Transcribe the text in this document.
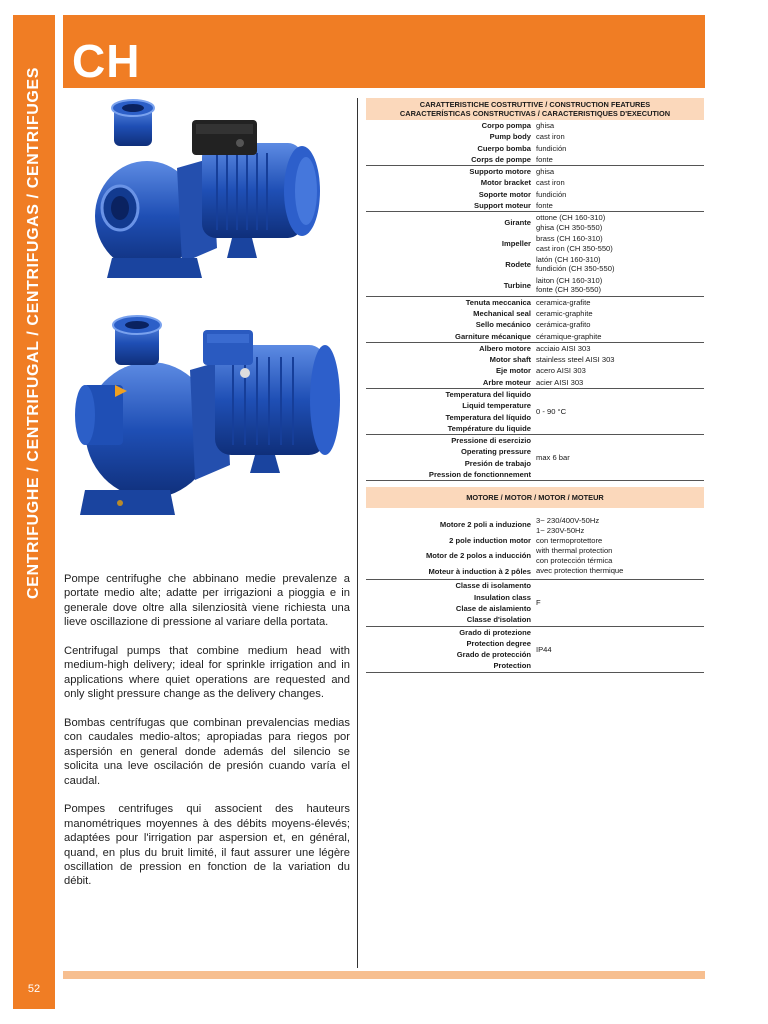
CENTRIFUGHE / CENTRIFUGAL / CENTRIFUGAS / CENTRIFUGES
52
CH

Pompe centrifughe che abbinano medie prevalenze a portate medio alte; adatte per irrigazioni a pioggia e in generale dove oltre alla silenziosità viene richiesta una lieve oscillazione di pressione al variare della portata.

Centrifugal pumps that combine medium head with medium-high delivery; ideal for sprinkle irrigation and in applications where quiet operations are requested and only slight pressure change as the delivery changes.

Bombas centrífugas que combinan prevalencias medias con caudales medio-altos; apropiadas para riegos por aspersión en general donde además del silencio se solicita una leve oscilación de presión cuando varía el caudal.

Pompes centrifuges qui associent des hauteurs manométriques moyennes à des débits moyens-élevés; adaptées pour l'irrigation par aspersion et, en général, quand, en plus du bruit limité, il faut assurer une légère oscillation de pression en fonction de la variation du débit.

CARATTERISTICHE COSTRUTTIVE / CONSTRUCTION FEATURES
CARACTERÍSTICAS CONSTRUCTIVAS / CARACTERISTIQUES D'EXECUTION
Corpo pompa
Pump body
Cuerpo bomba
Corps de pompe
ghisa
cast iron
fundición
fonte
Supporto motore
Motor bracket
Soporte motor
Support moteur
ghisa
cast iron
fundición
fonte
Girante
ottone (CH 160-310)
ghisa (CH 350-550)
Impeller
brass (CH 160-310)
cast iron (CH 350-550)
Rodete
latón (CH 160-310)
fundición (CH 350-550)
Turbine
laiton (CH 160-310)
fonte (CH 350-550)
Tenuta meccanica
Mechanical seal
Sello mecánico
Garniture mécanique
ceramica-grafite
ceramic-graphite
cerámica-grafito
céramique-graphite
Albero motore
Motor shaft
Eje motor
Arbre moteur
acciaio AISI 303
stainless steel AISI 303
acero AISI 303
acier AISI 303
Temperatura del liquido
Liquid temperature
Temperatura del líquido
Température du liquide
0 - 90 °C
Pressione di esercizio
Operating pressure
Presión de trabajo
Pression de fonctionnement
max 6 bar
MOTORE / MOTOR / MOTOR / MOTEUR
Motore 2 poli a induzione
2 pole induction motor
Motor de 2 polos a inducción
Moteur à induction à 2 pôles
3~ 230/400V-50Hz
1~ 230V-50Hz
con termoprotettore
with thermal protection
con protección térmica
avec protection thermique
Classe di isolamento
Insulation class
Clase de aislamiento
Classe d'isolation
F
Grado di protezione
Protection degree
Grado de protección
Protection
IP44
